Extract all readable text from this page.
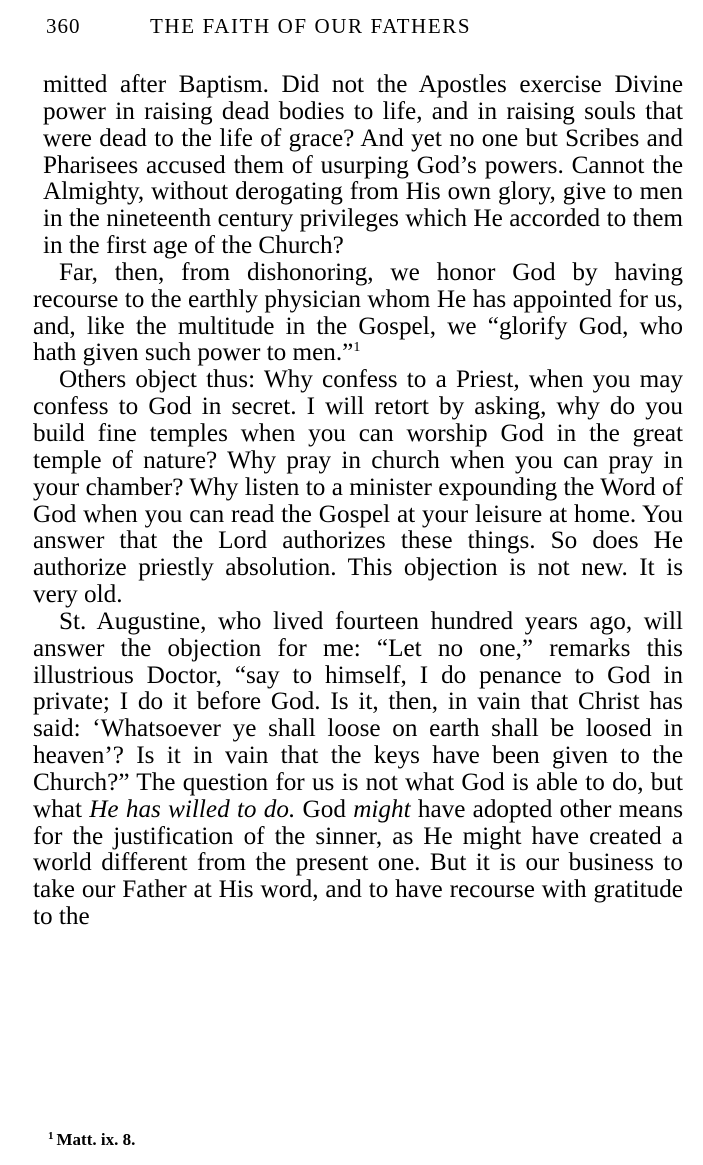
360	THE FAITH OF OUR FATHERS

mitted after Baptism. Did not the Apostles exercise Divine power in raising dead bodies to life, and in raising souls that were dead to the life of grace? And yet no one but Scribes and Pharisees accused them of usurping God’s powers. Cannot the Almighty, without derogating from His own glory, give to men in the nineteenth century privileges which He accorded to them in the first age of the Church?

Far, then, from dishonoring, we honor God by having recourse to the earthly physician whom He has appointed for us, and, like the multitude in the Gospel, we “glorify God, who hath given such power to men.”$^1$

Others object thus: Why confess to a Priest, when you may confess to God in secret. I will retort by asking, why do you build fine temples when you can worship God in the great temple of nature? Why pray in church when you can pray in your chamber? Why listen to a minister expounding the Word of God when you can read the Gospel at your leisure at home. You answer that the Lord authorizes these things. So does He authorize priestly absolution. This objection is not new. It is very old.

St. Augustine, who lived fourteen hundred years ago, will answer the objection for me: “Let no one,” remarks this illustrious Doctor, “say to himself, I do penance to God in private; I do it before God. Is it, then, in vain that Christ has said: ‘Whatsoever ye shall loose on earth shall be loosed in heaven’? Is it in vain that the keys have been given to the Church?” The question for us is not what God is able to do, but what He has willed to do. God might have adopted other means for the justification of the sinner, as He might have created a world different from the present one. But it is our business to take our Father at His word, and to have recourse with gratitude to the

$^1$ Matt. ix. 8.
